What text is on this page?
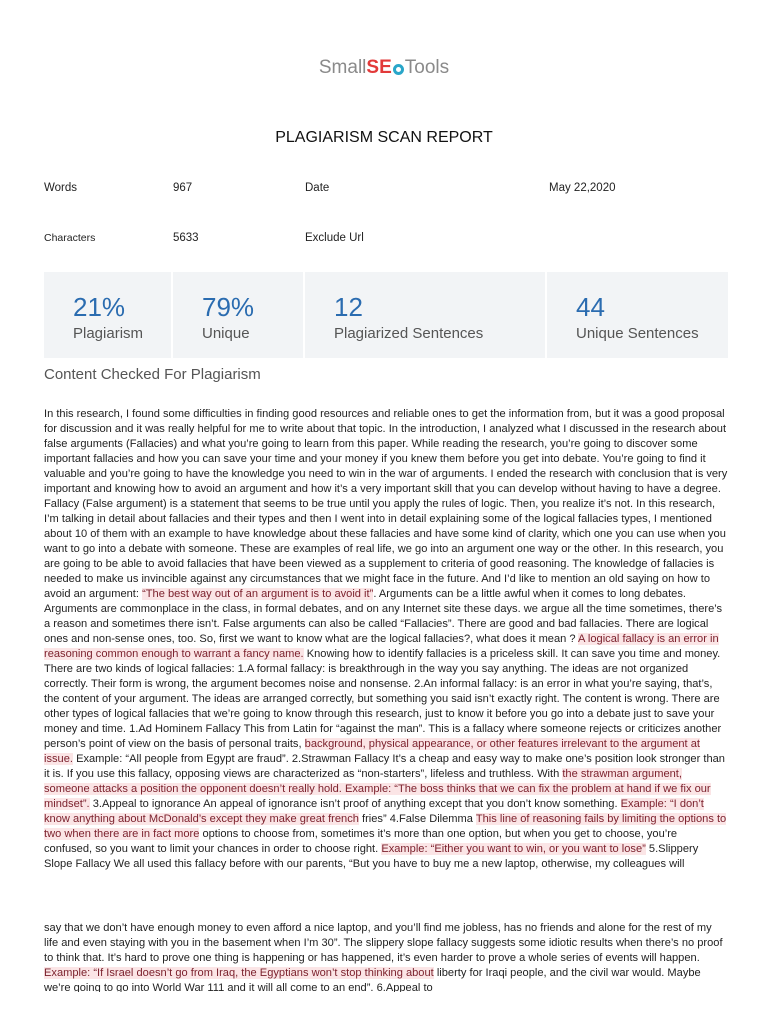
SmallSE Tools
PLAGIARISM SCAN REPORT
Words	967	Date	May 22,2020
Characters	5633	Exclude Url
21%
Plagiarism
79%
Unique
12
Plagiarized Sentences
44
Unique Sentences
Content Checked For Plagiarism
In this research, I found some difficulties in finding good resources and reliable ones to get the information from, but it was a good proposal for discussion and it was really helpful for me to write about that topic. In the introduction, I analyzed what I discussed in the research about false arguments (Fallacies) and what you’re going to learn from this paper. While reading the research, you’re going to discover some important fallacies and how you can save your time and your money if you knew them before you get into debate. You’re going to find it valuable and you’re going to have the knowledge you need to win in the war of arguments. I ended the research with conclusion that is very important and knowing how to avoid an argument and how it’s a very important skill that you can develop without having to have a degree. Fallacy (False argument) is a statement that seems to be true until you apply the rules of logic. Then, you realize it’s not. In this research, I’m talking in detail about fallacies and their types and then I went into in detail explaining some of the logical fallacies types, I mentioned about 10 of them with an example to have knowledge about these fallacies and have some kind of clarity, which one you can use when you want to go into a debate with someone. These are examples of real life, we go into an argument one way or the other. In this research, you are going to be able to avoid fallacies that have been viewed as a supplement to criteria of good reasoning. The knowledge of fallacies is needed to make us invincible against any circumstances that we might face in the future. And I’d like to mention an old saying on how to avoid an argument: “The best way out of an argument is to avoid it”. Arguments can be a little awful when it comes to long debates. Arguments are commonplace in the class, in formal debates, and on any Internet site these days. we argue all the time sometimes, there’s a reason and sometimes there isn’t. False arguments can also be called “Fallacies”. There are good and bad fallacies. There are logical ones and non-sense ones, too. So, first we want to know what are the logical fallacies?, what does it mean ? A logical fallacy is an error in reasoning common enough to warrant a fancy name. Knowing how to identify fallacies is a priceless skill. It can save you time and money. There are two kinds of logical fallacies: 1.A formal fallacy: is breakthrough in the way you say anything. The ideas are not organized correctly. Their form is wrong, the argument becomes noise and nonsense. 2.An informal fallacy: is an error in what you’re saying, that’s, the content of your argument. The ideas are arranged correctly, but something you said isn’t exactly right. The content is wrong. There are other types of logical fallacies that we’re going to know through this research, just to know it before you go into a debate just to save your money and time. 1.Ad Hominem Fallacy This from Latin for “against the man”. This is a fallacy where someone rejects or criticizes another person’s point of view on the basis of personal traits, background, physical appearance, or other features irrelevant to the argument at issue. Example: “All people from Egypt are fraud”. 2.Strawman Fallacy It’s a cheap and easy way to make one’s position look stronger than it is. If you use this fallacy, opposing views are characterized as “non-starters”, lifeless and truthless. With the strawman argument, someone attacks a position the opponent doesn’t really hold. Example: “The boss thinks that we can fix the problem at hand if we fix our mindset”. 3.Appeal to ignorance An appeal of ignorance isn’t proof of anything except that you don’t know something. Example: “I don’t know anything about McDonald’s except they make great french fries” 4.False Dilemma This line of reasoning fails by limiting the options to two when there are in fact more options to choose from, sometimes it’s more than one option, but when you get to choose, you’re confused, so you want to limit your chances in order to choose right. Example: “Either you want to win, or you want to lose” 5.Slippery Slope Fallacy We all used this fallacy before with our parents, “But you have to buy me a new laptop, otherwise, my colleagues will
say that we don’t have enough money to even afford a nice laptop, and you’ll find me jobless, has no friends and alone for the rest of my life and even staying with you in the basement when I’m 30”. The slippery slope fallacy suggests some idiotic results when there’s no proof to think that. It’s hard to prove one thing is happening or has happened, it’s even harder to prove a whole series of events will happen. Example: “If Israel doesn’t go from Iraq, the Egyptians won’t stop thinking about liberty for Iraqi people, and the civil war would. Maybe we’re going to go into World War 111 and it will all come to an end”. 6.Appeal to
